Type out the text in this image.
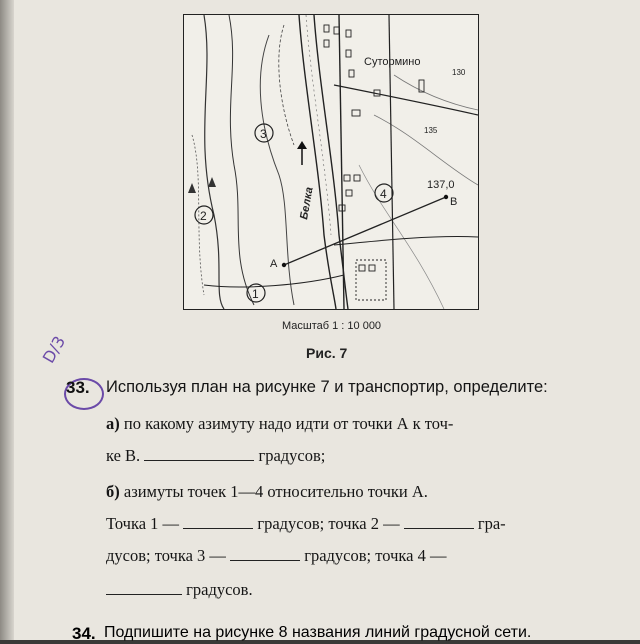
1
2
3
4
Сутормино
Белка
137,0
A
B
130
135
Масштаб 1 : 10 000
Рис. 7
D/3
33. Используя план на рисунке 7 и транспортир, определите:
а) по какому азимуту надо идти от точки А к точ-
ке В.	градусов;
б) азимуты точек 1—4 относительно точки А.
Точка 1 —	градусов; точка 2 —	гра-
дусов; точка 3 —	градусов; точка 4 —
градусов.
34. Подпишите на рисунке 8 названия линий градусной сети.
